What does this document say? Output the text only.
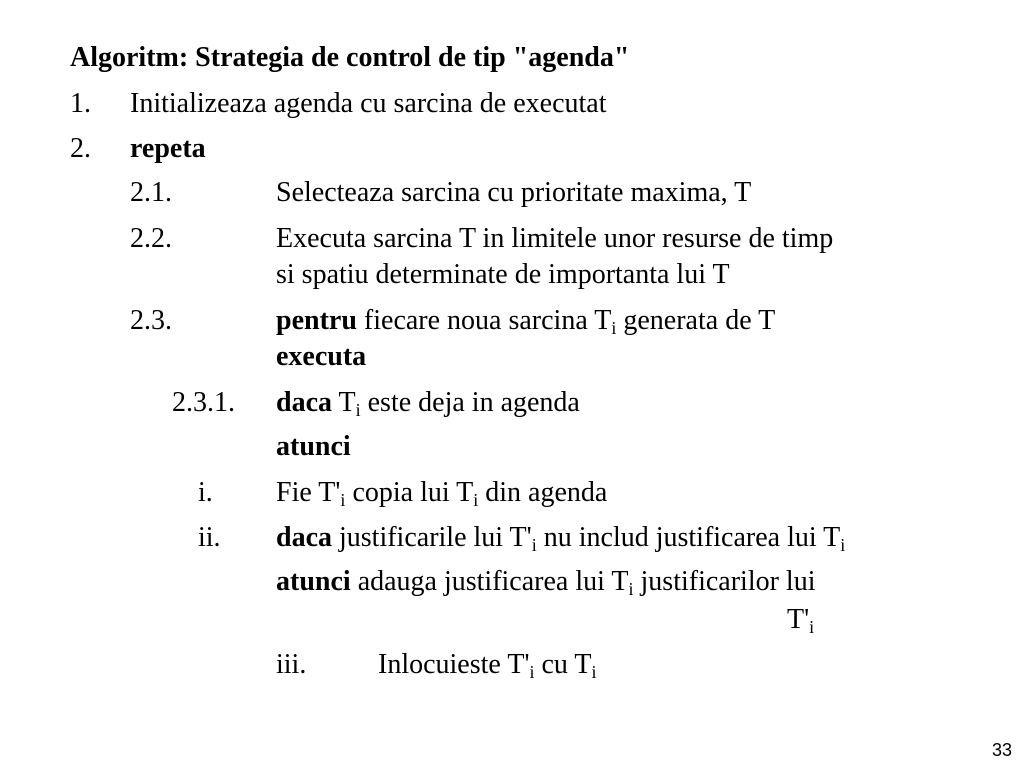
Algoritm: Strategia de control de tip "agenda"
1. Initializeaza agenda cu sarcina de executat
2. repeta
2.1.	Selecteaza sarcina cu prioritate maxima, T
2.2.	Executa sarcina T in limitele unor resurse de timp
si spatiu determinate de importanta lui T
2.3.	pentru fiecare noua sarcina $T_i$ generata de T
executa
2.3.1. daca $T_i$ este deja in agenda
atunci
i. Fie $T'_i$ copia lui $T_i$ din agenda
ii. daca justificarile lui $T'_i$ nu includ justificarea lui $T_i$
atunci adauga justificarea lui $T_i$ justificarilor lui
$T'_i$
iii.	Inlocuieste $T'_i$ cu $T_i$
33
